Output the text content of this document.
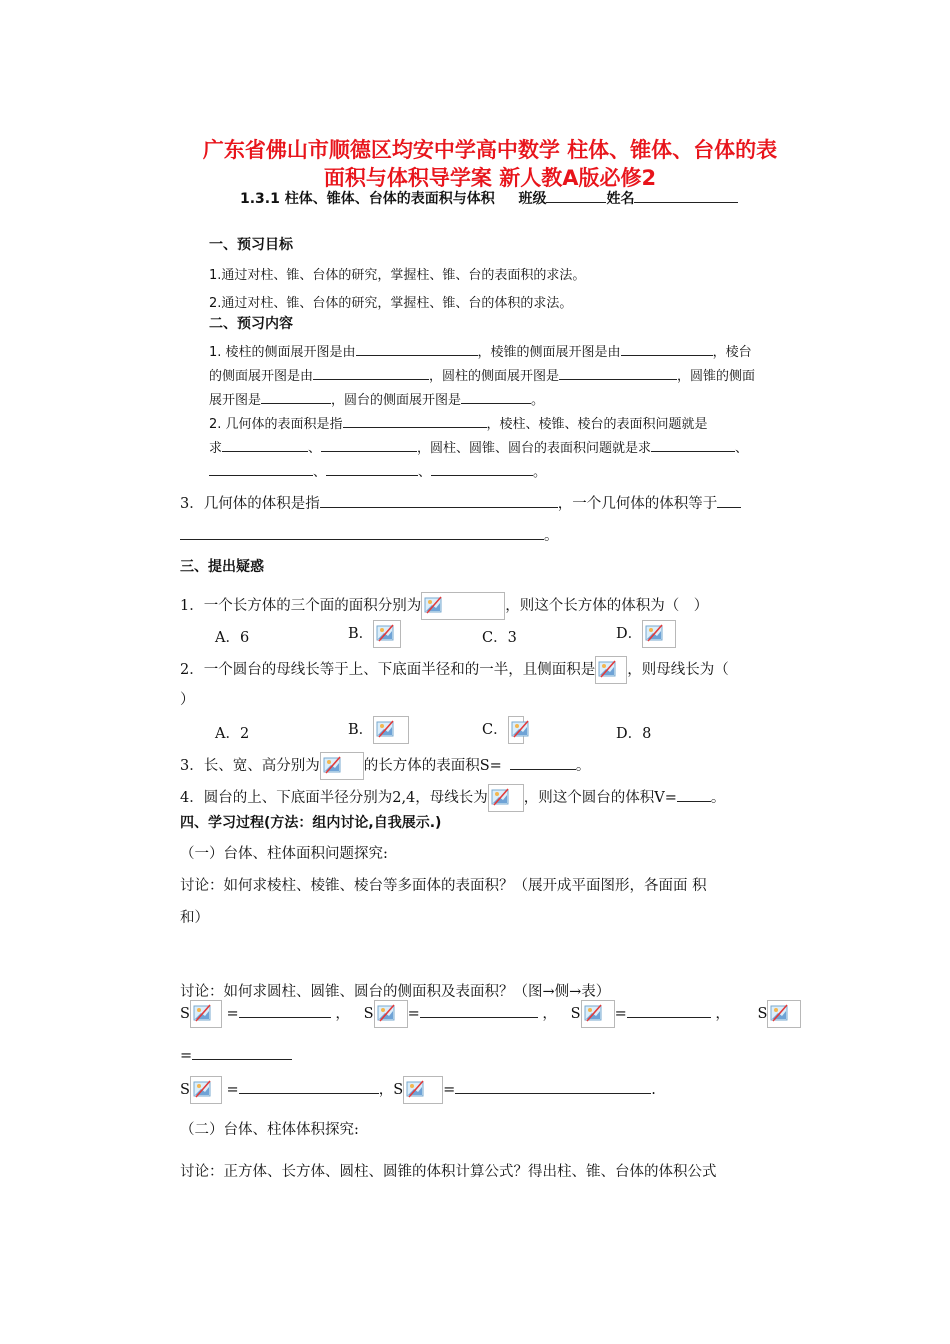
广东省佛山市顺德区均安中学高中数学 柱体、锥体、台体的表
面积与体积导学案 新人教A版必修2
1.3.1 柱体、锥体、台体的表面积与体积 班级	姓名
一、预习目标
1.通过对柱、锥、台体的研究，掌握柱、锥、台的表面积的求法。
2.通过对柱、锥、台体的研究，掌握柱、锥、台的体积的求法。
二、预习内容
1. 棱柱的侧面展开图是由	，棱锥的侧面展开图是由	，棱台
的侧面展开图是由	，圆柱的侧面展开图是	，圆锥的侧面
展开图是	，圆台的侧面展开图是	。
2. 几何体的表面积是指	，棱柱、棱锥、棱台的表面积问题就是
求	、	，圆柱、圆锥、圆台的表面积问题就是求	、
、	、	。
3．几何体的体积是指	，一个几何体的体积等于
。
三、提出疑惑
1．一个长方体的三个面的面积分别为	，则这个长方体的体积为（　）
A．6	B．	C．3	D．
2．一个圆台的母线长等于上、下底面半径和的一半，且侧面积是 ，则母线长为（
）
A．2	B．	C．	D．8
3．长、宽、高分别为	的长方体的表面积S=	。
4．圆台的上、下底面半径分别为2,4，母线长为 ，则这个圆台的体积V= 。
四、学习过程(方法：组内讨论,自我展示.)
（一）台体、柱体面积问题探究:
讨论：如何求棱柱、棱锥、棱台等多面体的表面积？（展开成平面图形，各面面 积
和）
讨论：如何求圆柱、圆锥、圆台的侧面积及表面积？（图→侧→表）
S	=	， S =	， S =	， S
=
S	=	，S	=	.
（二）台体、柱体体积探究:
讨论：正方体、长方体、圆柱、圆锥的体积计算公式？得出柱、锥、台体的体积公式
